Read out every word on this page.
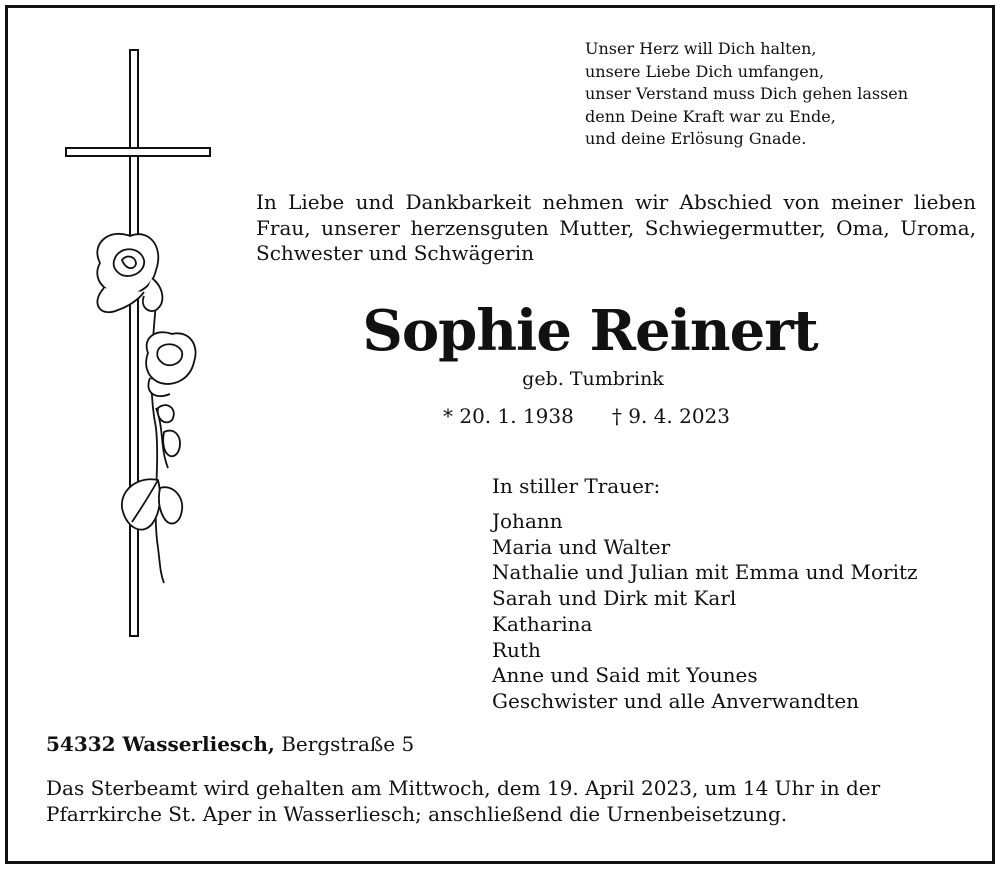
Unser Herz will Dich halten,
unsere Liebe Dich umfangen,
unser Verstand muss Dich gehen lassen
denn Deine Kraft war zu Ende,
und deine Erlösung Gnade.
In Liebe und Dankbarkeit nehmen wir Abschied von meiner lieben Frau, unserer herzensguten Mutter, Schwiegermutter, Oma, Uroma, Schwester und Schwägerin
Sophie Reinert
geb. Tumbrink
* 20. 1. 1938 † 9. 4. 2023
In stiller Trauer:
Johann
Maria und Walter
Nathalie und Julian mit Emma und Moritz
Sarah und Dirk mit Karl
Katharina
Ruth
Anne und Said mit Younes
Geschwister und alle Anverwandten
54332 Wasserliesch, Bergstraße 5
Das Sterbeamt wird gehalten am Mittwoch, dem 19. April 2023, um 14 Uhr in der Pfarrkirche St. Aper in Wasserliesch; anschließend die Urnenbeisetzung.
